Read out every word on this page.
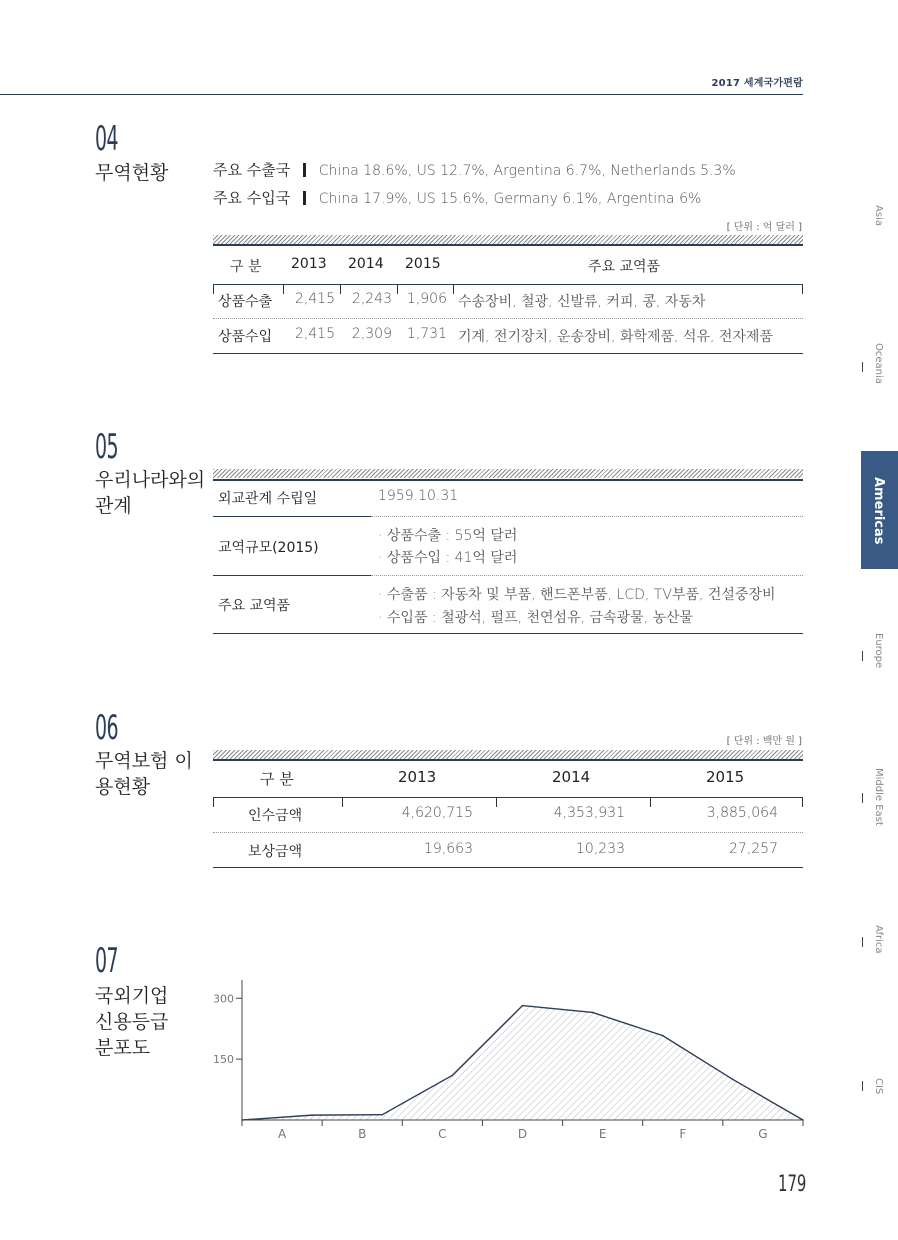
2017 세계국가편람
04
무역현황	주요 수출국 China 18.6%, US 12.7%, Argentina 6.7%, Netherlands 5.3%
주요 수입국 China 17.9%, US 15.6%, Germany 6.1%, Argentina 6%
[ 단위 : 억 달러 ]
구 분 2013 2014 2015	주요 교역품
상품수출	2,415	2,243	1,906 수송장비, 철광, 신발류, 커피, 콩, 자동차
상품수입	2,415	2,309	1,731 기계, 전기장치, 운송장비, 화학제품, 석유, 전자제품
05
우리나라와의 관계	외교관계 수립일	1959.10.31
교역규모(2015)
· 상품수출 : 55억 달러
· 상품수입 : 41억 달러
주요 교역품
· 수출품 : 자동차 및 부품, 핸드폰부품, LCD, TV부품, 건설중장비
· 수입품 : 철광석, 펄프, 천연섬유, 금속광물, 농산물
06
무역보험 이용현황
[ 단위 : 백만 원 ]
구 분	2013	2014	2015
인수금액	4,620,715	4,353,931	3,885,064
보상금액	19,663	10,233	27,257
07
국외기업 신용등급 분포도
150
300
A	B	C	D	E	F	G
179
Asia
Oceania
Americas
Europe
Middle East
Africa
CIS
